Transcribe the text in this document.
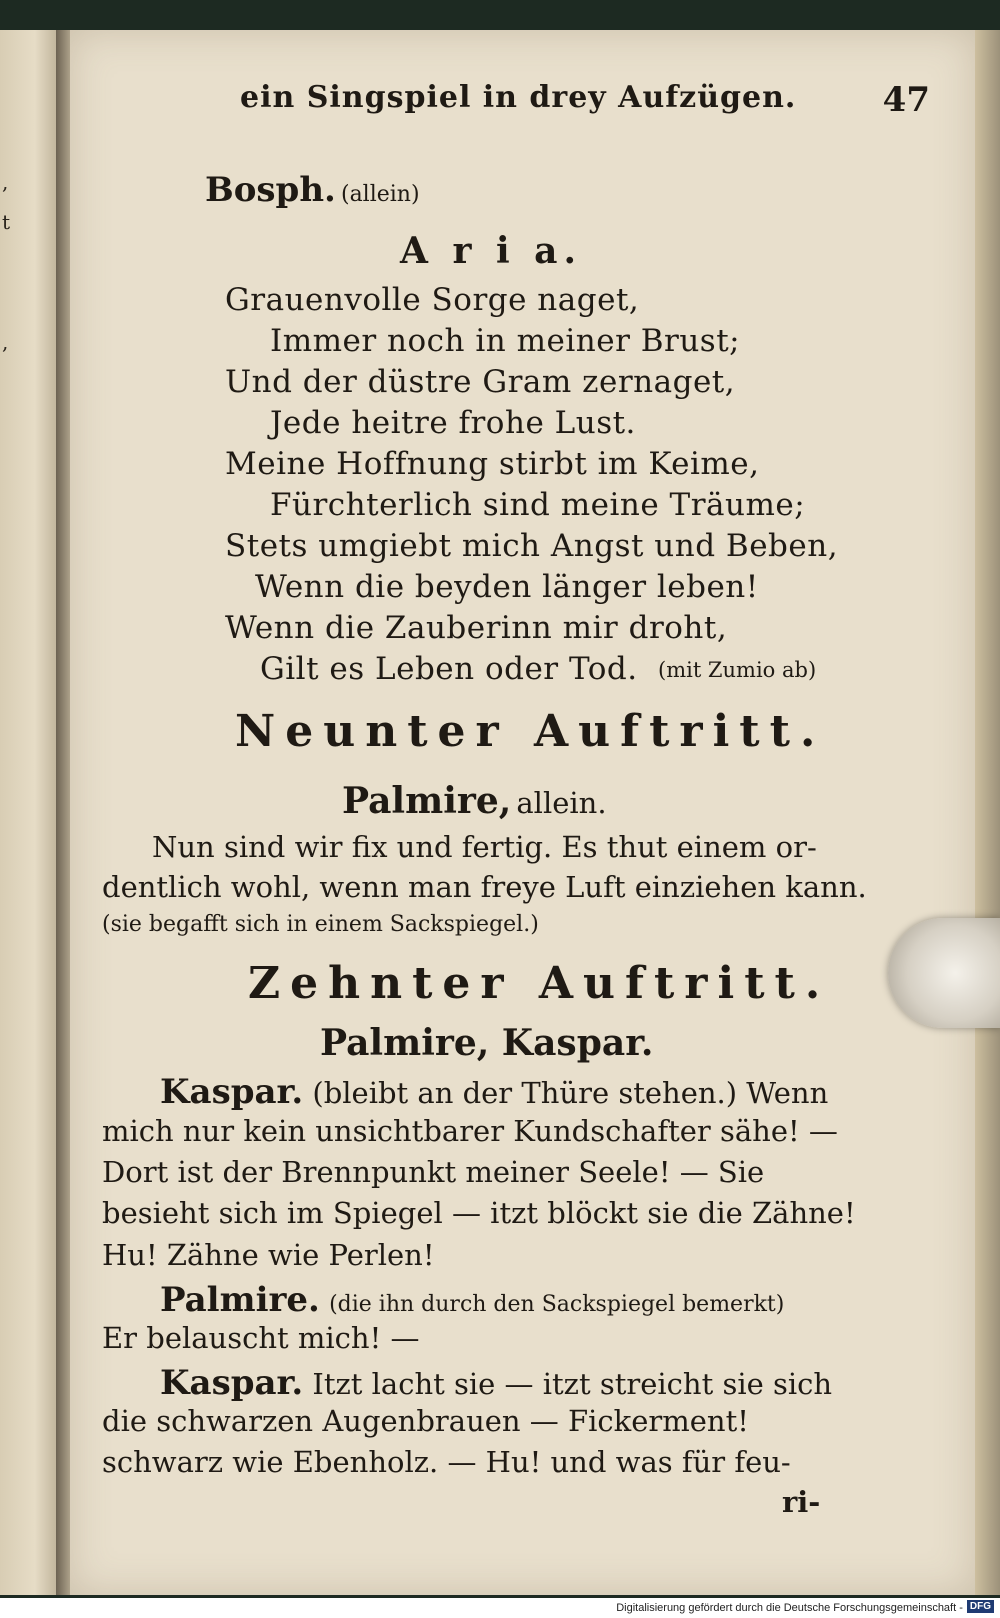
,
t
,
ein Singspiel in drey Aufzügen.	47
Bosph. (allein)
A r i a.
Grauenvolle Sorge naget,
Immer noch in meiner Brust;
Und der düstre Gram zernaget,
Jede heitre frohe Lust.
Meine Hoffnung stirbt im Keime,
Fürchterlich sind meine Träume;
Stets umgiebt mich Angst und Beben,
Wenn die beyden länger leben!
Wenn die Zauberinn mir droht,
Gilt es Leben oder Tod. (mit Zumio ab)
Neunter Auftritt.
Palmire, allein.
Nun sind wir fix und fertig. Es thut einem or-
dentlich wohl, wenn man freye Luft einziehen kann.
(sie begafft sich in einem Sackspiegel.)
Zehnter Auftritt.
Palmire, Kaspar.
Kaspar. (bleibt an der Thüre stehen.) Wenn
mich nur kein unsichtbarer Kundschafter sähe! —
Dort ist der Brennpunkt meiner Seele! — Sie
besieht sich im Spiegel — itzt blöckt sie die Zähne!
Hu! Zähne wie Perlen!
Palmire. (die ihn durch den Sackspiegel bemerkt)
Er belauscht mich! —
Kaspar. Itzt lacht sie — itzt streicht sie sich
die schwarzen Augenbrauen — Fickerment!
schwarz wie Ebenholz. — Hu! und was für feu-
ri-
Digitalisierung gefördert durch die Deutsche Forschungsgemeinschaft - DFG
